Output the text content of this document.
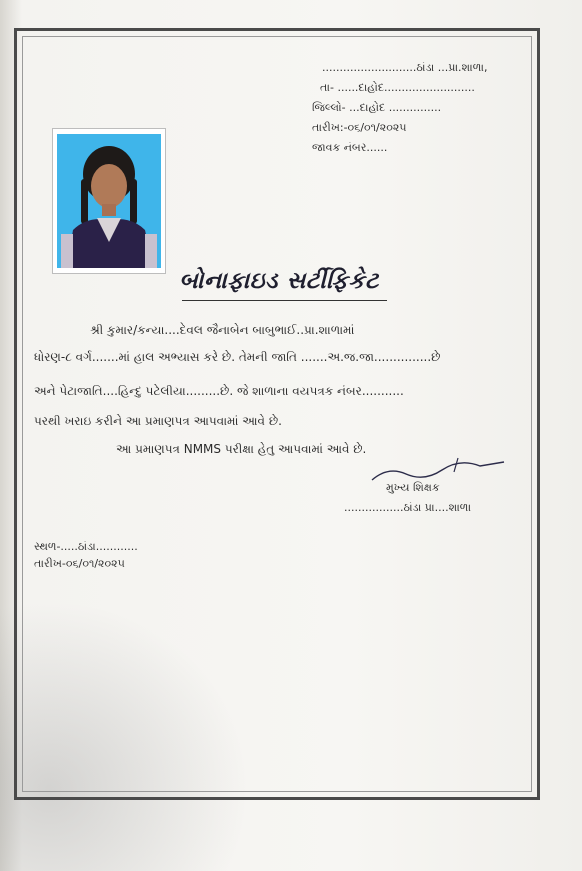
...........................ઠાંડા ...પ્રા.શાળા,
તા- ......દાહોદ..........................
જિલ્લો- ...દાહોદ ...............
તારીખ:-૦૬/૦૧/૨૦૨૫
જાવક નંબર......
બોનાફાઇડ સર્ટીફિકેટ
શ્રી કુમાર/કન્યા....દેવલ જૈનાબેન બાબુભાઈ..પ્રા.શાળામાં
ધોરણ-૮ વર્ગ.......માં હાલ અભ્યાસ કરે છે. તેમની જાતિ .......અ.જ.જા...............છે
અને પેટાજાતિ....હિન્દુ પટેલીયા.........છે. જે શાળાના વયપત્રક નંબર...........
પરથી ખરાઇ કરીને આ પ્રમાણપત્ર આપવામાં આવે છે.
આ પ્રમાણપત્ર NMMS પરીક્ષા હેતુ આપવામાં આવે છે.
મુખ્ય શિક્ષક
.................ઠાંડા પ્રા....શાળા
સ્થળ-.....ઠાંડા............
તારીખ-૦૬/૦૧/૨૦૨૫
